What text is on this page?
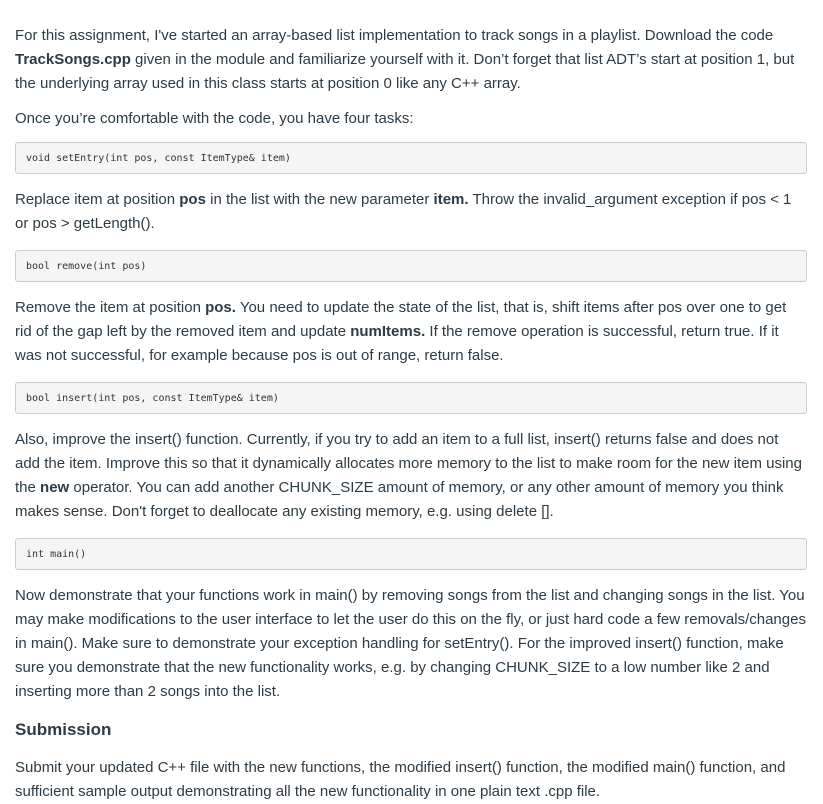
For this assignment, I've started an array-based list implementation to track songs in a playlist. Download the code TrackSongs.cpp given in the module and familiarize yourself with it. Don’t forget that list ADT’s start at position 1, but the underlying array used in this class starts at position 0 like any C++ array.

Once you’re comfortable with the code, you have four tasks:

void setEntry(int pos, const ItemType& item)

Replace item at position pos in the list with the new parameter item. Throw the invalid_argument exception if pos < 1 or pos > getLength().

bool remove(int pos)

Remove the item at position pos. You need to update the state of the list, that is, shift items after pos over one to get rid of the gap left by the removed item and update numItems. If the remove operation is successful, return true. If it was not successful, for example because pos is out of range, return false.

bool insert(int pos, const ItemType& item)

Also, improve the insert() function. Currently, if you try to add an item to a full list, insert() returns false and does not add the item. Improve this so that it dynamically allocates more memory to the list to make room for the new item using the new operator. You can add another CHUNK_SIZE amount of memory, or any other amount of memory you think makes sense. Don't forget to deallocate any existing memory, e.g. using delete [].

int main()

Now demonstrate that your functions work in main() by removing songs from the list and changing songs in the list. You may make modifications to the user interface to let the user do this on the fly, or just hard code a few removals/changes in main(). Make sure to demonstrate your exception handling for setEntry(). For the improved insert() function, make sure you demonstrate that the new functionality works, e.g. by changing CHUNK_SIZE to a low number like 2 and inserting more than 2 songs into the list.

Submission

Submit your updated C++ file with the new functions, the modified insert() function, the modified main() function, and sufficient sample output demonstrating all the new functionality in one plain text .cpp file.
